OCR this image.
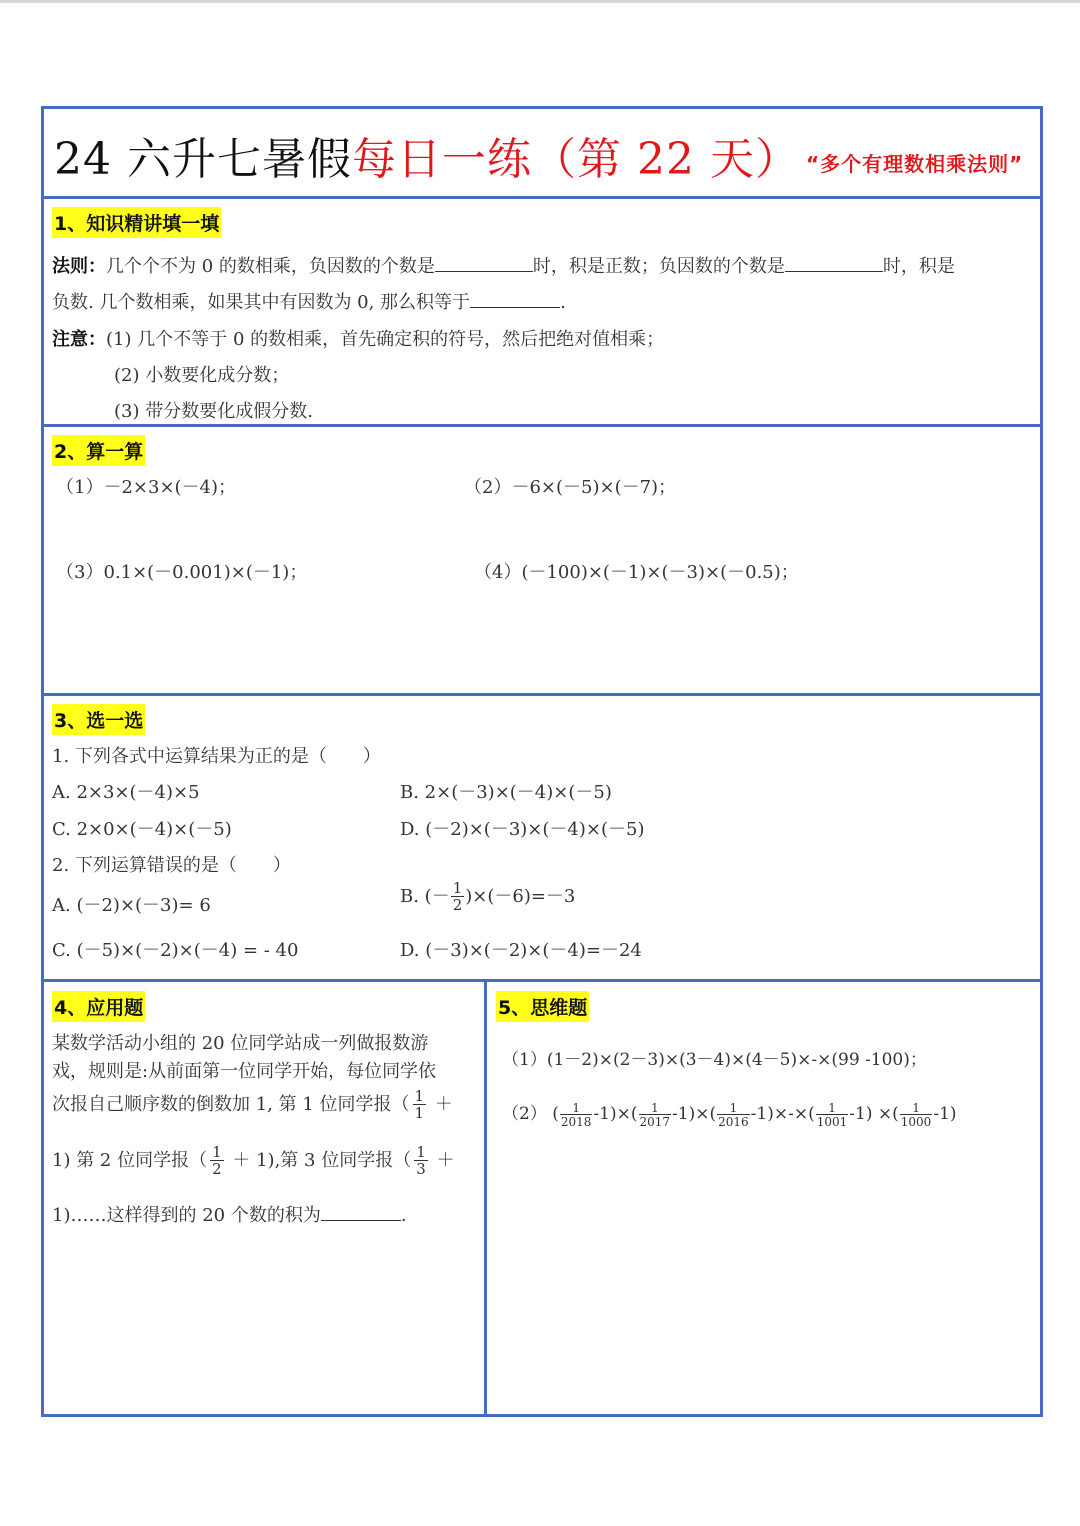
24 六升七暑假每日一练（第 22 天） “多个有理数相乘法则”
1、知识精讲填一填
法则：几个个不为 0 的数相乘，负因数的个数是	时，积是正数；负因数的个数是	时，积是
负数. 几个数相乘，如果其中有因数为 0, 那么积等于	.
注意：(1) 几个不等于 0 的数相乘，首先确定积的符号，然后把绝对值相乘；
(2) 小数要化成分数；
(3) 带分数要化成假分数.
2、算一算
（1）－2×3×(－4)；	（2）－6×(－5)×(－7)；
（3）0.1×(－0.001)×(－1)；	（4）(－100)×(－1)×(－3)×(－0.5)；
3、选一选
1. 下列各式中运算结果为正的是（　　）
A. 2×3×(－4)×5	B. 2×(－3)×(－4)×(－5)
C. 2×0×(－4)×(－5)	D. (－2)×(－3)×(－4)×(－5)
2. 下列运算错误的是（　　）
A. (－2)×(－3)= 6	B. (－ $\frac{1}{2} )\times(-6)=-3$
C. (－5)×(－2)×(－4) = - 40	D. (－3)×(－2)×(－4)=－24
4、应用题
某数学活动小组的 20 位同学站成一列做报数游
戏，规则是:从前面第一位同学开始，每位同学依
次报自己顺序数的倒数加 1, 第 1 位同学报（ $\frac{1}{1}$ ＋
1) 第 2 位同学报（ $\frac{1}{2} + 1$),第 3 位同学报（ $\frac{1}{3}$ ＋
1)……这样得到的 20 个数的积为	.
5、思维题
（1）(1－2)×(2－3)×(3－4)×(4－5)×-×(99 -100)；
（2） ( $\frac{1}{2018} -1)\times( \frac{1}{2017} -1)\times( \frac{1}{2016} -1)\times-\times( \frac{1}{1001} -1)$ ×( $\frac{1}{1000} -1$)
